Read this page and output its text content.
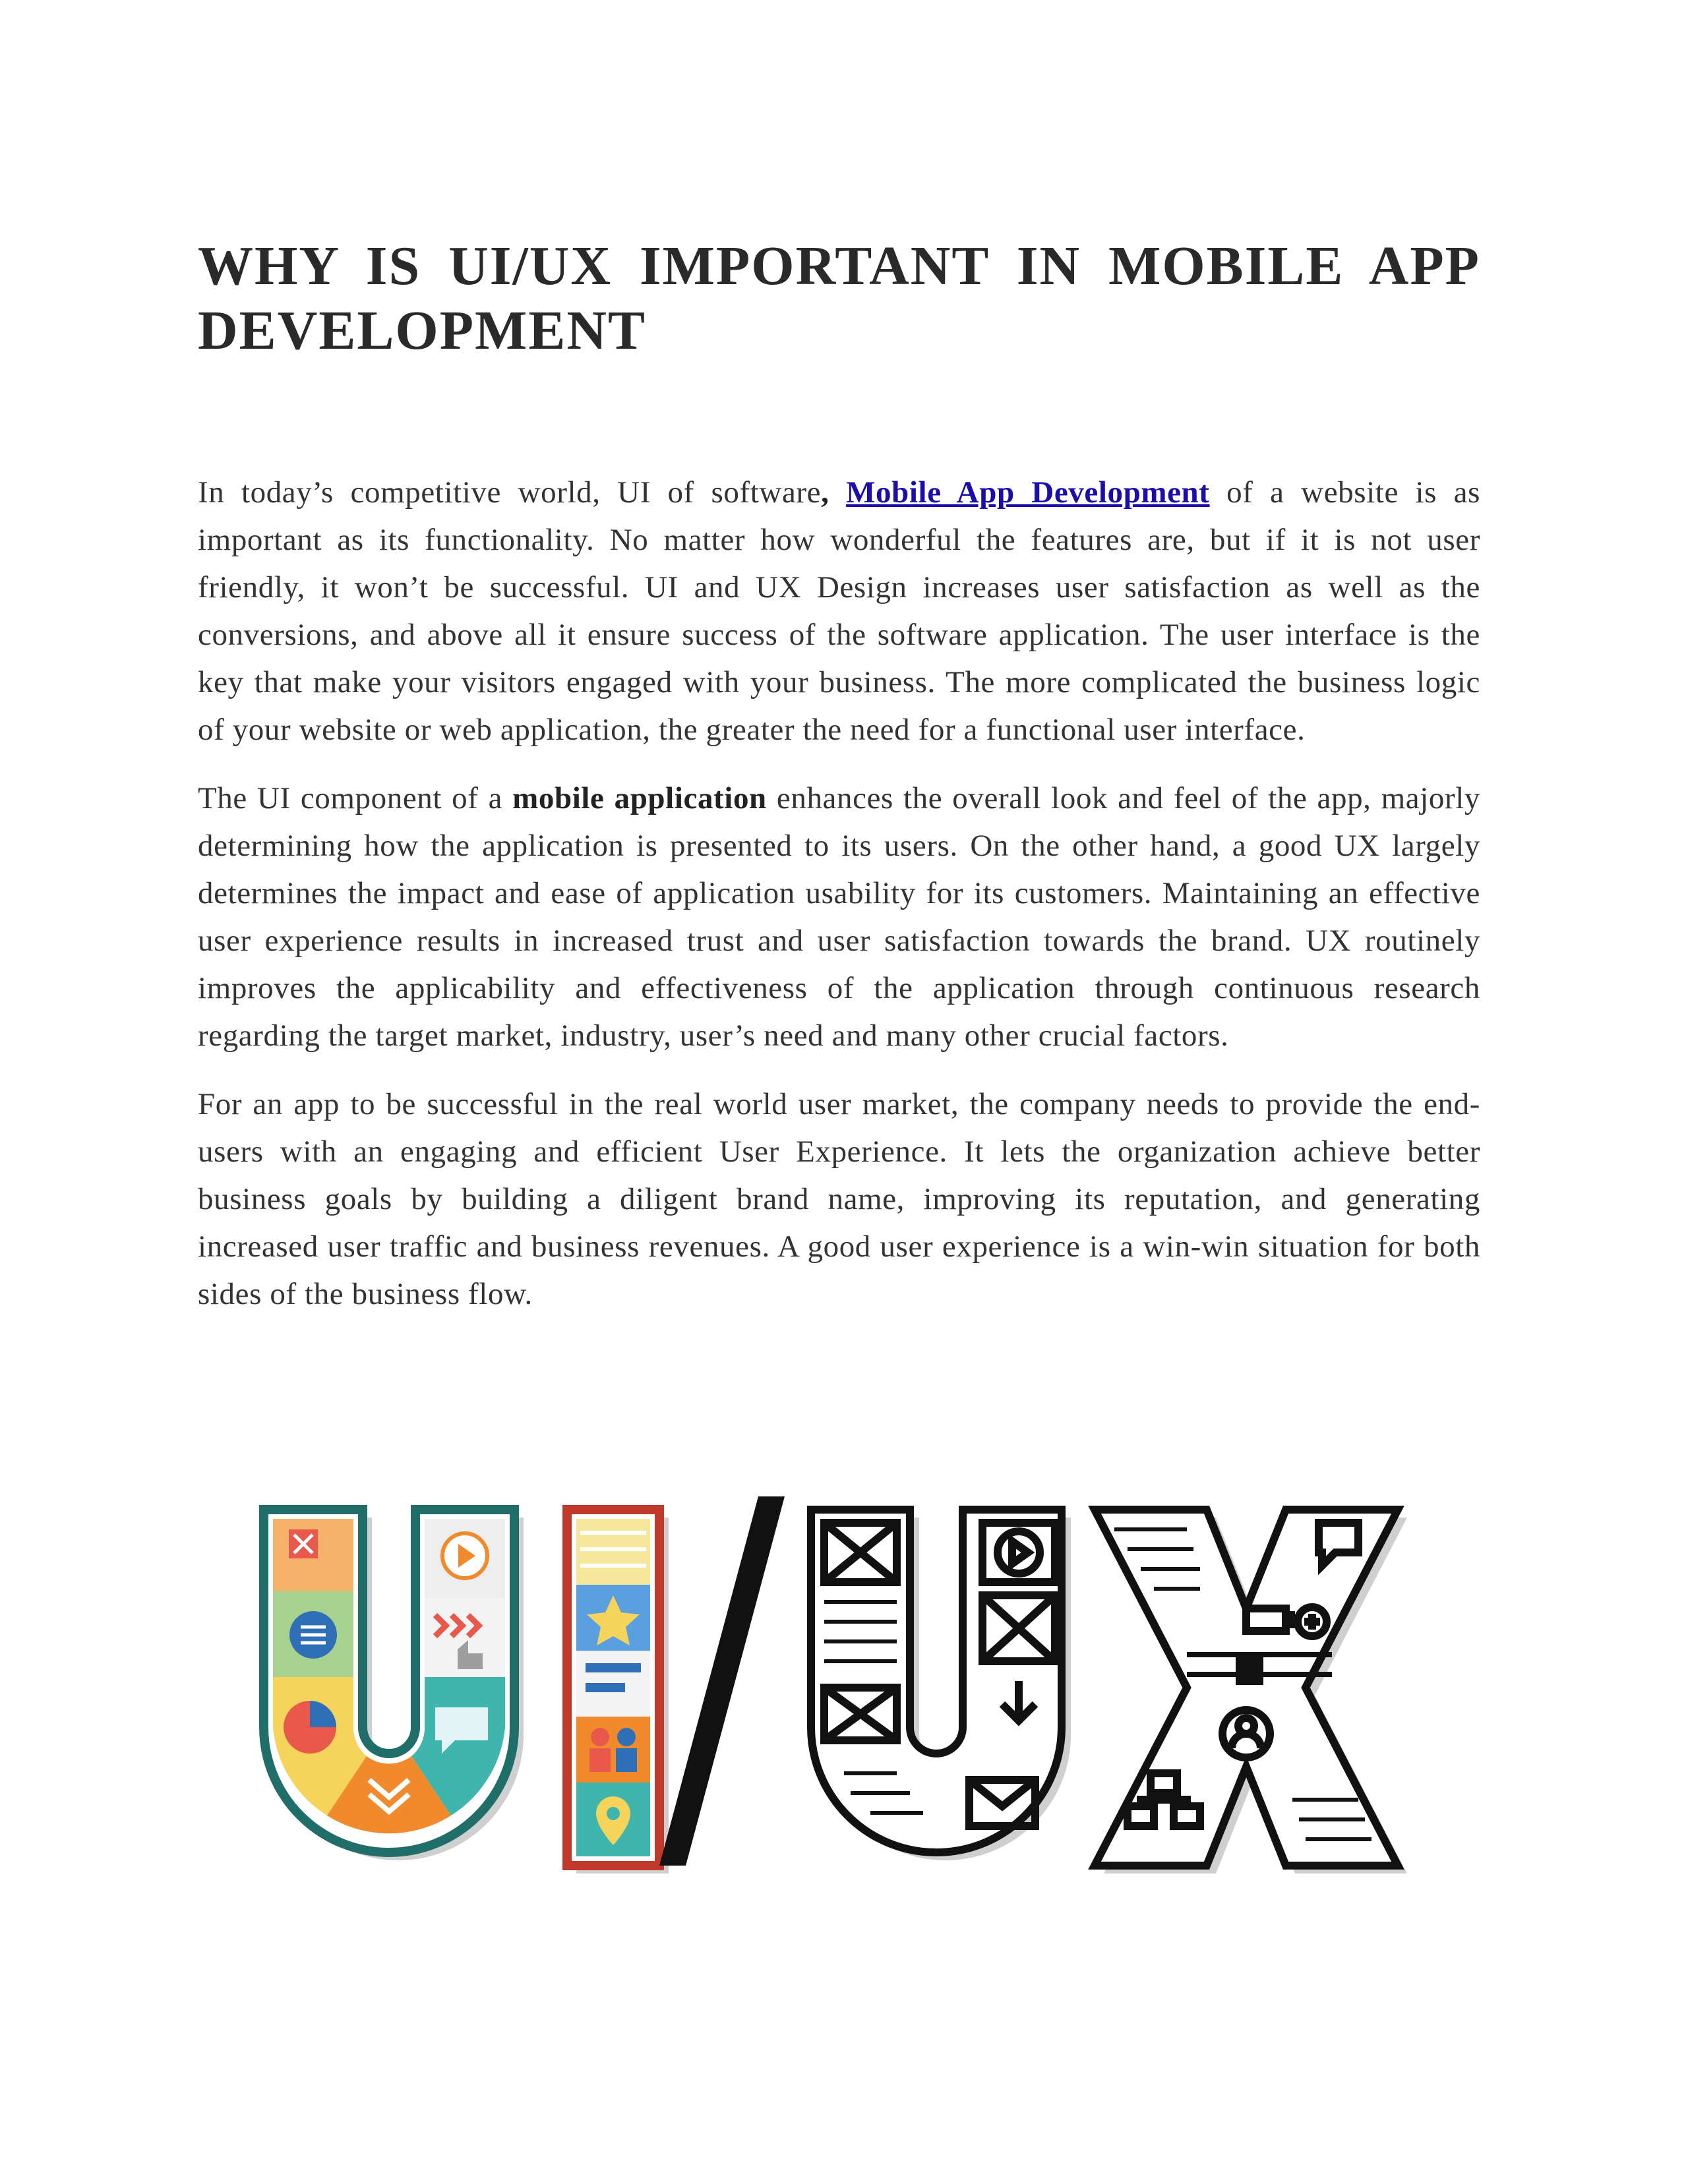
WHY IS UI/UX IMPORTANT IN MOBILE APP DEVELOPMENT

In today’s competitive world, UI of software, Mobile App Development of a website is as important as its functionality. No matter how wonderful the features are, but if it is not user friendly, it won’t be successful. UI and UX Design increases user satisfaction as well as the conversions, and above all it ensure success of the software application. The user interface is the key that make your visitors engaged with your business. The more complicated the business logic of your website or web application, the greater the need for a functional user interface.

The UI component of a mobile application enhances the overall look and feel of the app, majorly determining how the application is presented to its users. On the other hand, a good UX largely determines the impact and ease of application usability for its customers. Maintaining an effective user experience results in increased trust and user satisfaction towards the brand. UX routinely improves the applicability and effectiveness of the application through continuous research regarding the target market, industry, user’s need and many other crucial factors.

For an app to be successful in the real world user market, the company needs to provide the end-users with an engaging and efficient User Experience. It lets the organization achieve better business goals by building a diligent brand name, improving its reputation, and generating increased user traffic and business revenues. A good user experience is a win-win situation for both sides of the business flow.
